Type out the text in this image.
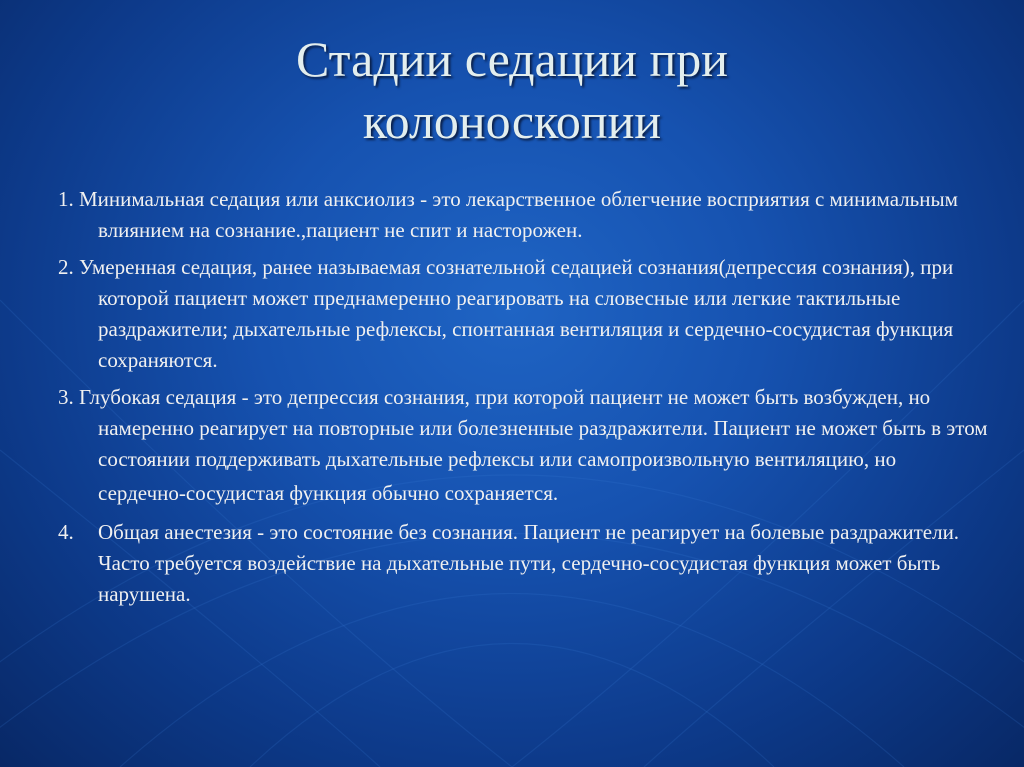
Стадии седации при
колоноскопии

1. Минимальная седация или анксиолиз - это лекарственное облегчение восприятия с минимальным влиянием на сознание.,пациент не спит и насторожен.

2. Умеренная седация, ранее называемая сознательной седацией сознания(депрессия сознания), при которой пациент может преднамеренно реагировать на словесные или легкие тактильные раздражители; дыхательные рефлексы, спонтанная вентиляция и сердечно-сосудистая функция сохраняются.

3. Глубокая седация - это депрессия сознания, при которой пациент не может быть возбужден, но намеренно реагирует на повторные или болезненные раздражители. Пациент не может быть в этом состоянии поддерживать дыхательные рефлексы или самопроизвольную вентиляцию, но

сердечно-сосудистая функция обычно сохраняется.

4. Общая анестезия - это состояние без сознания. Пациент не реагирует на болевые раздражители. Часто требуется воздействие на дыхательные пути, сердечно-сосудистая функция может быть нарушена.
